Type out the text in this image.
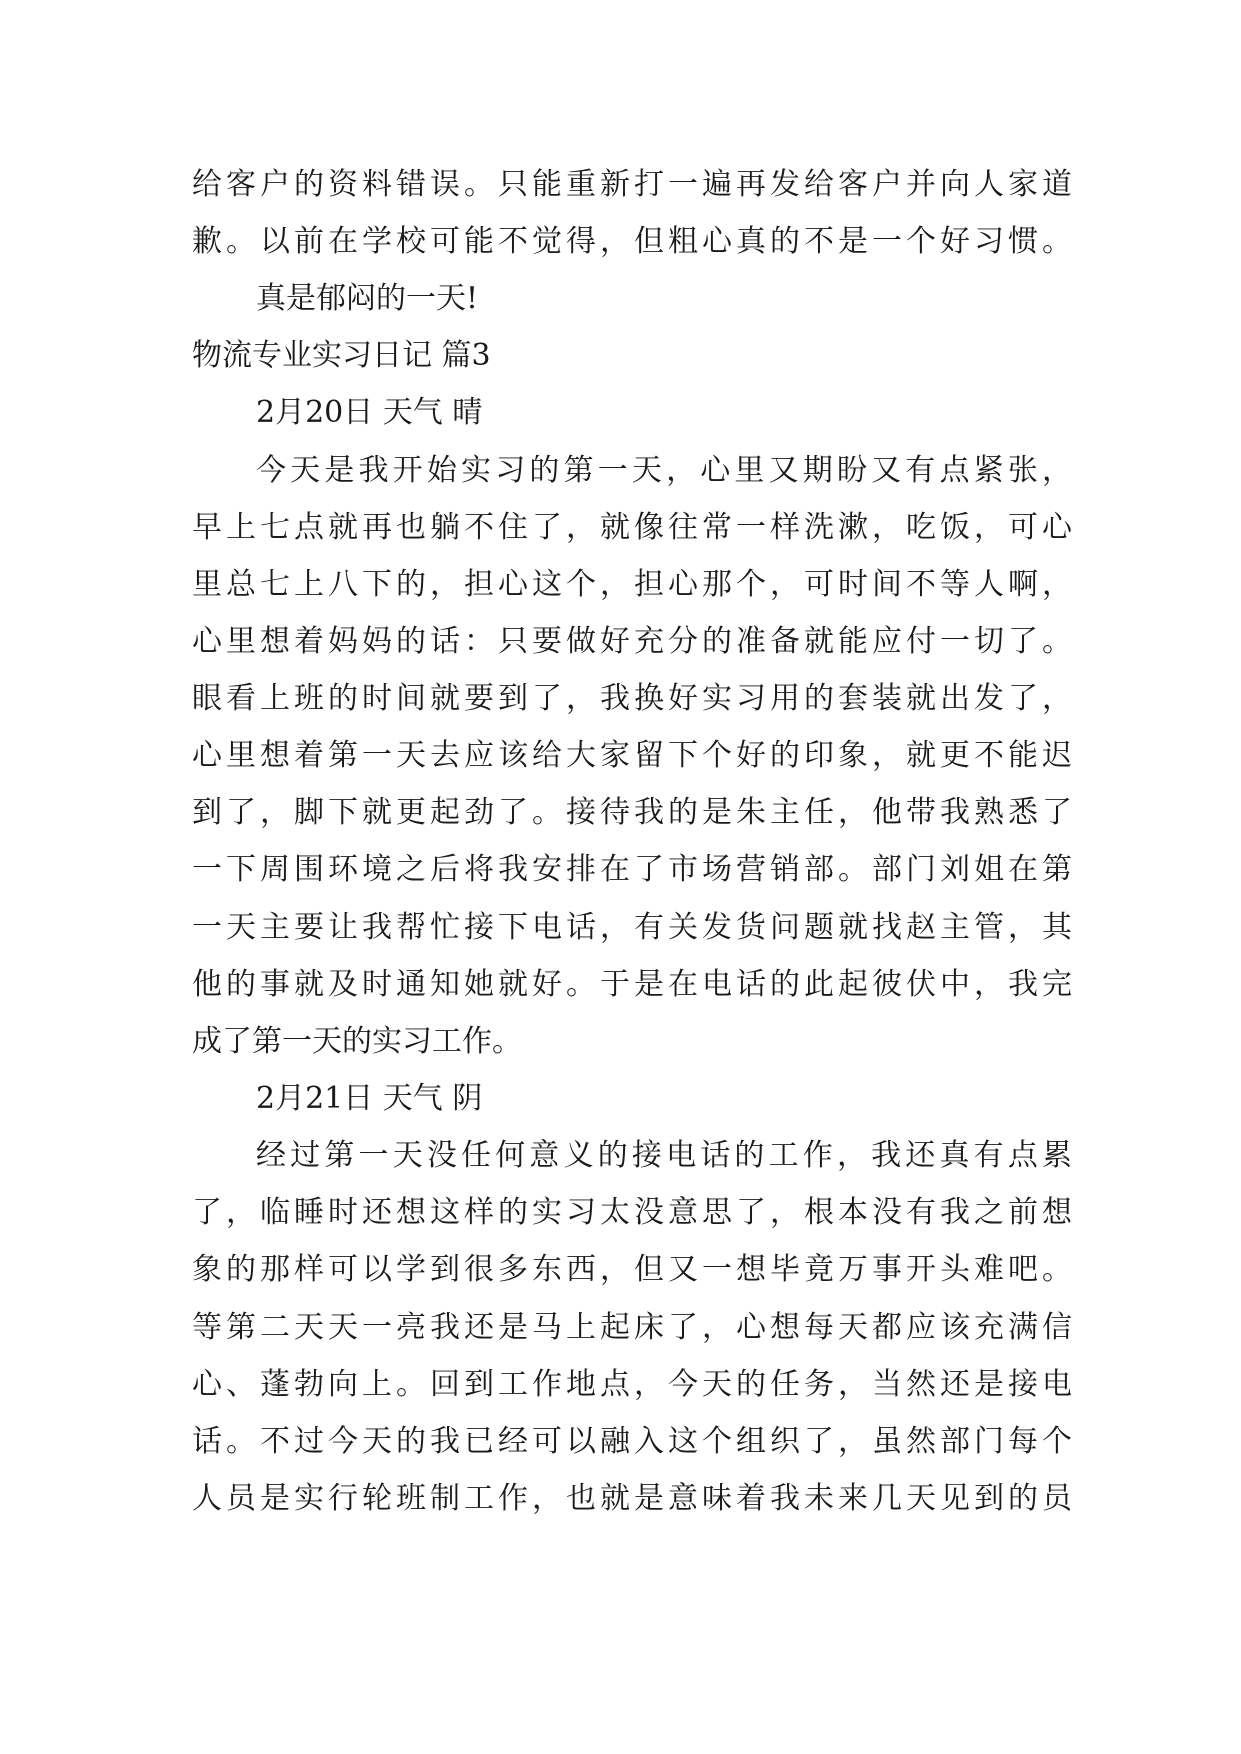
给客户的资料错误。只能重新打一遍再发给客户并向人家道
歉。以前在学校可能不觉得，但粗心真的不是一个好习惯。
真是郁闷的一天!
物流专业实习日记 篇3
2月20日 天气 晴
今天是我开始实习的第一天，心里又期盼又有点紧张，
早上七点就再也躺不住了，就像往常一样洗漱，吃饭，可心
里总七上八下的，担心这个，担心那个，可时间不等人啊，
心里想着妈妈的话：只要做好充分的准备就能应付一切了。
眼看上班的时间就要到了，我换好实习用的套装就出发了，
心里想着第一天去应该给大家留下个好的印象，就更不能迟
到了，脚下就更起劲了。接待我的是朱主任，他带我熟悉了
一下周围环境之后将我安排在了市场营销部。部门刘姐在第
一天主要让我帮忙接下电话，有关发货问题就找赵主管，其
他的事就及时通知她就好。于是在电话的此起彼伏中，我完
成了第一天的实习工作。
2月21日 天气 阴
经过第一天没任何意义的接电话的工作，我还真有点累
了，临睡时还想这样的实习太没意思了，根本没有我之前想
象的那样可以学到很多东西，但又一想毕竟万事开头难吧。
等第二天天一亮我还是马上起床了，心想每天都应该充满信
心、蓬勃向上。回到工作地点，今天的任务，当然还是接电
话。不过今天的我已经可以融入这个组织了，虽然部门每个
人员是实行轮班制工作，也就是意味着我未来几天见到的员
